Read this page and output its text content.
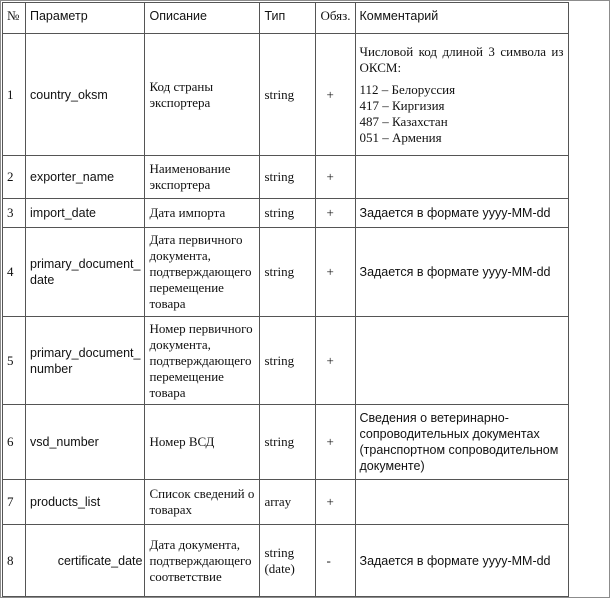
№	Параметр	Описание	Тип	Обяз.	Комментарий
1	country_oksm	Код страны экспортера	string	+	Числовой код длиной 3 символа из ОКСМ:
112 – Белоруссия
417 – Киргизия
487 – Казахстан
051 – Армения

2	exporter_name	Наименование экспортера	string	+	
3	import_date	Дата импорта	string	+	Задается в формате yyyy-MM-dd
4	primary_document_ date	Дата первичного документа, подтверждающего перемещение товара	string	+	Задается в формате yyyy-MM-dd
5	primary_document_ number	Номер первичного документа, подтверждающего перемещение товара	string	+	
6	vsd_number	Номер ВСД	string	+	Сведения о ветеринарно-сопроводительных документах (транспортном сопроводительном документе)
7	products_list	Список сведений о товарах	array	+	
8	certificate_date	Дата документа, подтверждающего соответствие	string (date)	-	Задается в формате yyyy-MM-dd
